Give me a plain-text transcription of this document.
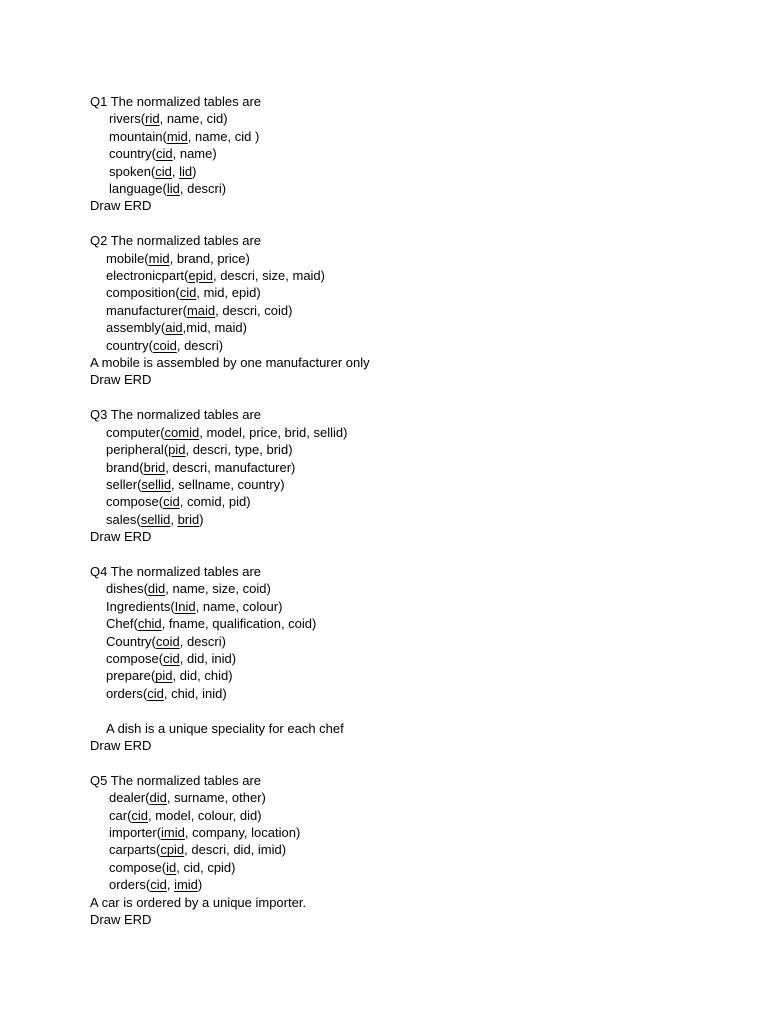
Q1 The normalized tables are
rivers(rid, name, cid)
mountain(mid, name, cid )
country(cid, name)
spoken(cid, lid)
language(lid, descri)
Draw ERD
Q2 The normalized tables are
mobile(mid, brand, price)
electronicpart(epid, descri, size, maid)
composition(cid, mid, epid)
manufacturer(maid, descri, coid)
assembly(aid,mid, maid)
country(coid, descri)
A mobile is assembled by one manufacturer only
Draw ERD
Q3 The normalized tables are
computer(comid, model, price, brid, sellid)
peripheral(pid, descri, type, brid)
brand(brid, descri, manufacturer)
seller(sellid, sellname, country)
compose(cid, comid, pid)
sales(sellid, brid)
Draw ERD
Q4 The normalized tables are
dishes(did, name, size, coid)
Ingredients(Inid, name, colour)
Chef(chid, fname, qualification, coid)
Country(coid, descri)
compose(cid, did, inid)
prepare(pid, did, chid)
orders(cid, chid, inid)
A dish is a unique speciality for each chef
Draw ERD
Q5 The normalized tables are
dealer(did, surname, other)
car(cid, model, colour, did)
importer(imid, company, location)
carparts(cpid, descri, did, imid)
compose(id, cid, cpid)
orders(cid, imid)
A car is ordered by a unique importer.
Draw ERD
